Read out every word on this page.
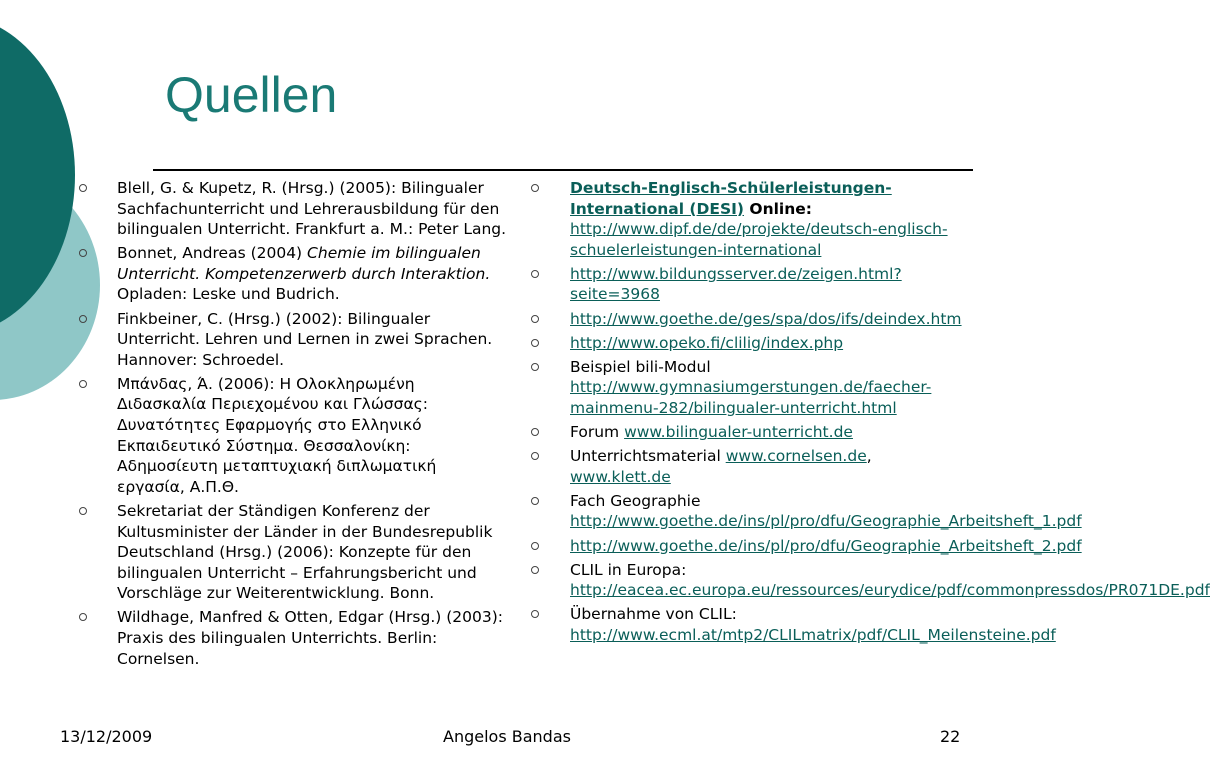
Quellen
Blell, G. & Kupetz, R. (Hrsg.) (2005): Bilingualer Sachfachunterricht und Lehrerausbildung für den bilingualen Unterricht. Frankfurt a. M.: Peter Lang.
Bonnet, Andreas (2004) Chemie im bilingualen Unterricht. Kompetenzerwerb durch Interaktion. Opladen: Leske und Budrich.
Finkbeiner, C. (Hrsg.) (2002): Bilingualer Unterricht. Lehren und Lernen in zwei Sprachen. Hannover: Schroedel.
Μπάνδας, Ά. (2006): Η Ολοκληρωμένη Διδασκαλία Περιεχομένου και Γλώσσας: Δυνατότητες Εφαρμογής στο Ελληνικό Εκπαιδευτικό Σύστημα. Θεσσαλονίκη: Αδημοσίευτη μεταπτυχιακή διπλωματική εργασία, Α.Π.Θ.
Sekretariat der Ständigen Konferenz der Kultusminister der Länder in der Bundesrepublik Deutschland (Hrsg.) (2006): Konzepte für den bilingualen Unterricht – Erfahrungsbericht und Vorschläge zur Weiterentwicklung. Bonn.
Wildhage, Manfred & Otten, Edgar (Hrsg.) (2003): Praxis des bilingualen Unterrichts. Berlin: Cornelsen.
Deutsch-Englisch-Schülerleistungen-International (DESI) Online: http://www.dipf.de/de/projekte/deutsch-englisch-schuelerleistungen-international
http://www.bildungsserver.de/zeigen.html?seite=3968
http://www.goethe.de/ges/spa/dos/ifs/deindex.htm
http://www.opeko.fi/clilig/index.php
Beispiel bili-Modul http://www.gymnasiumgerstungen.de/faecher-mainmenu-282/bilingualer-unterricht.html
Forum www.bilingualer-unterricht.de
Unterrichtsmaterial www.cornelsen.de, www.klett.de
Fach Geographie http://www.goethe.de/ins/pl/pro/dfu/Geographie_Arbeitsheft_1.pdf
http://www.goethe.de/ins/pl/pro/dfu/Geographie_Arbeitsheft_2.pdf
CLIL in Europa: http://eacea.ec.europa.eu/ressources/eurydice/pdf/commonpressdos/PR071DE.pdf
Übernahme von CLIL: http://www.ecml.at/mtp2/CLILmatrix/pdf/CLIL_Meilensteine.pdf
13/12/2009	Angelos Bandas	22
